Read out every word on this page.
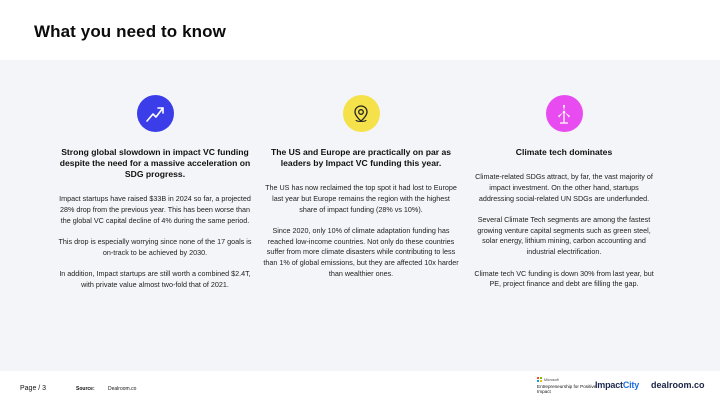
What you need to know
Strong global slowdown in impact VC funding despite the need for a massive acceleration on SDG progress.

Impact startups have raised $33B in 2024 so far, a projected 28% drop from the previous year. This has been worse than the global VC capital decline of 4% during the same period.

This drop is especially worrying since none of the 17 goals is on-track to be achieved by 2030.

In addition, Impact startups are still worth a combined $2.4T, with private value almost two-fold that of 2021.

The US and Europe are practically on par as leaders by Impact VC funding this year.

The US has now reclaimed the top spot it had lost to Europe last year but Europe remains the region with the highest share of impact funding (28% vs 10%).

Since 2020, only 10% of climate adaptation funding has reached low-income countries. Not only do these countries suffer from more climate disasters while contributing to less than 1% of global emissions, but they are affected 10x harder than wealthier ones.

Climate tech dominates

Climate-related SDGs attract, by far, the vast majority of impact investment. On the other hand, startups addressing social-related UN SDGs are underfunded.

Several Climate Tech segments are among the fastest growing venture capital segments such as green steel, solar energy, lithium mining, carbon accounting and industrial electrification.

Climate tech VC funding is down 30% from last year, but PE, project finance and debt are filling the gap.

Page / 3	Source:	Dealroom.co
Microsoft
Entrepreneurship for Positive Impact
ImpactCity dealroom.co
